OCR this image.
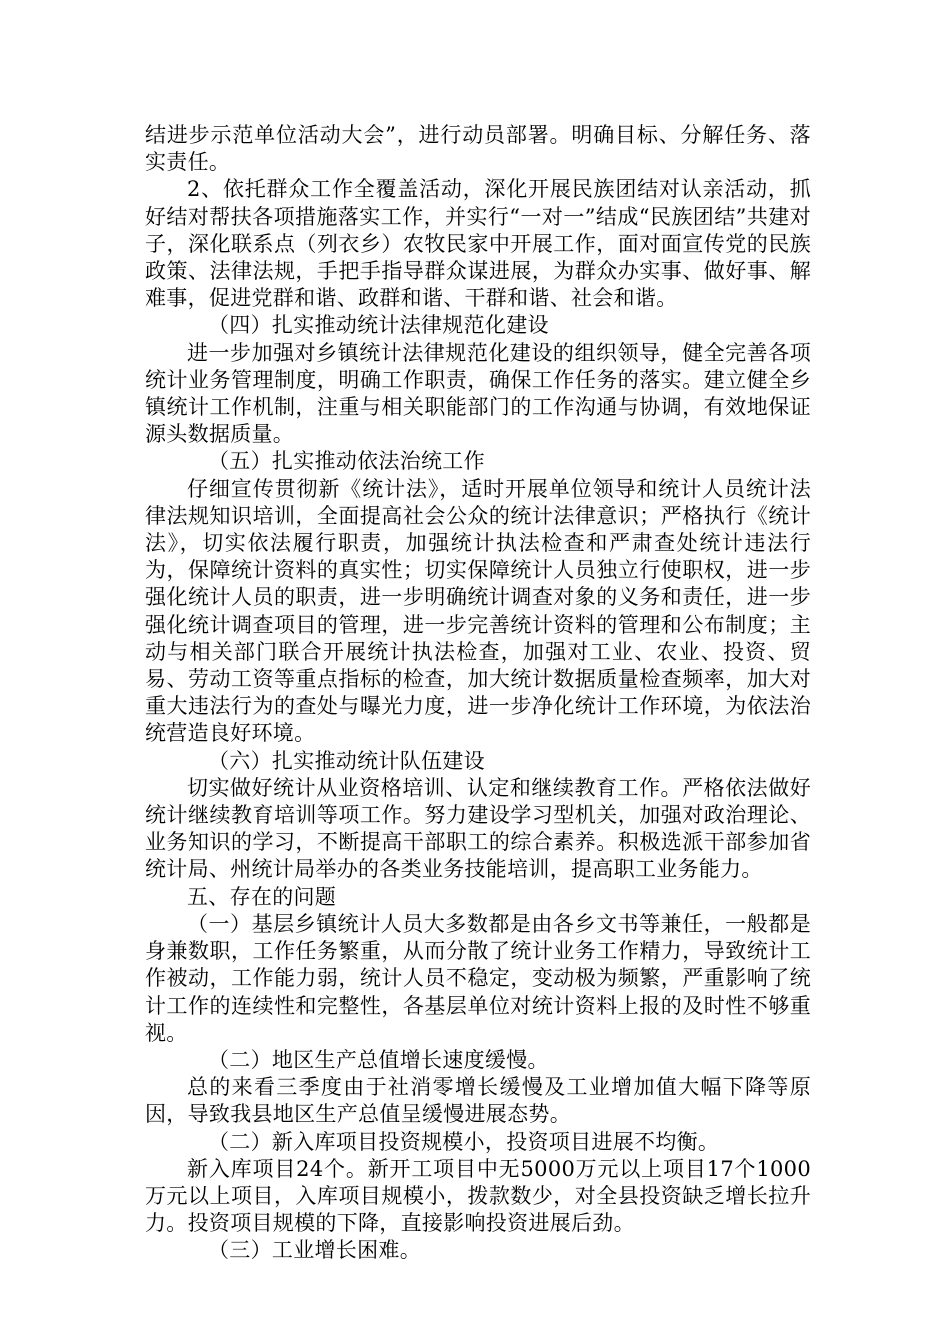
结进步示范单位活动大会”，进行动员部署。明确目标、分解任务、落实责任。

2、依托群众工作全覆盖活动，深化开展民族团结对认亲活动，抓好结对帮扶各项措施落实工作，并实行“一对一”结成“民族团结”共建对子，深化联系点（列衣乡）农牧民家中开展工作，面对面宣传党的民族政策、法律法规，手把手指导群众谋进展，为群众办实事、做好事、解难事，促进党群和谐、政群和谐、干群和谐、社会和谐。

（四）扎实推动统计法律规范化建设

进一步加强对乡镇统计法律规范化建设的组织领导，健全完善各项统计业务管理制度，明确工作职责，确保工作任务的落实。建立健全乡镇统计工作机制，注重与相关职能部门的工作沟通与协调，有效地保证源头数据质量。

（五）扎实推动依法治统工作

仔细宣传贯彻新《统计法》，适时开展单位领导和统计人员统计法律法规知识培训，全面提高社会公众的统计法律意识；严格执行《统计法》，切实依法履行职责，加强统计执法检查和严肃查处统计违法行为，保障统计资料的真实性；切实保障统计人员独立行使职权，进一步强化统计人员的职责，进一步明确统计调查对象的义务和责任，进一步强化统计调查项目的管理，进一步完善统计资料的管理和公布制度；主动与相关部门联合开展统计执法检查，加强对工业、农业、投资、贸易、劳动工资等重点指标的检查，加大统计数据质量检查频率，加大对重大违法行为的查处与曝光力度，进一步净化统计工作环境，为依法治统营造良好环境。

（六）扎实推动统计队伍建设

切实做好统计从业资格培训、认定和继续教育工作。严格依法做好统计继续教育培训等项工作。努力建设学习型机关，加强对政治理论、业务知识的学习，不断提高干部职工的综合素养。积极选派干部参加省统计局、州统计局举办的各类业务技能培训，提高职工业务能力。

五、存在的问题

（一）基层乡镇统计人员大多数都是由各乡文书等兼任，一般都是身兼数职，工作任务繁重，从而分散了统计业务工作精力，导致统计工作被动，工作能力弱，统计人员不稳定，变动极为频繁，严重影响了统计工作的连续性和完整性，各基层单位对统计资料上报的及时性不够重视。

（二）地区生产总值增长速度缓慢。

总的来看三季度由于社消零增长缓慢及工业增加值大幅下降等原因，导致我县地区生产总值呈缓慢进展态势。

（二）新入库项目投资规模小，投资项目进展不均衡。

新入库项目24个。新开工项目中无5000万元以上项目17个1000万元以上项目，入库项目规模小，拨款数少，对全县投资缺乏增长拉升力。投资项目规模的下降，直接影响投资进展后劲。

（三）工业增长困难。
